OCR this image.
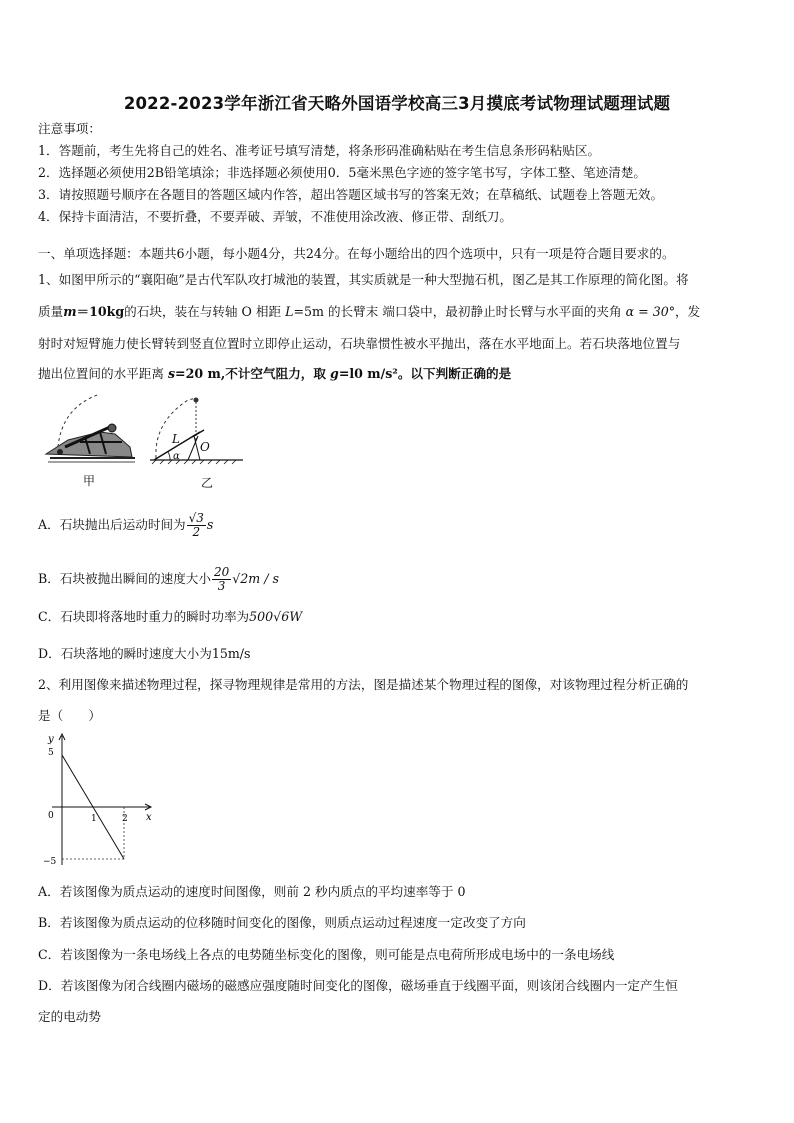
2022-2023学年浙江省天略外国语学校高三3月摸底考试物理试题理试题
注意事项：
1．答题前，考生先将自己的姓名、准考证号填写清楚，将条形码准确粘贴在考生信息条形码粘贴区。
2．选择题必须使用2B铅笔填涂；非选择题必须使用0．5毫米黑色字迹的签字笔书写，字体工整、笔迹清楚。
3．请按照题号顺序在各题目的答题区域内作答，超出答题区域书写的答案无效；在草稿纸、试题卷上答题无效。
4．保持卡面清洁，不要折叠，不要弄破、弄皱，不准使用涂改液、修正带、刮纸刀。
一、单项选择题：本题共6小题，每小题4分，共24分。在每小题给出的四个选项中，只有一项是符合题目要求的。
1、如图甲所示的“襄阳砲”是古代军队攻打城池的装置，其实质就是一种大型抛石机，图乙是其工作原理的简化图。将
质量m＝10kg的石块，装在与转轴 O 相距 L=5m 的长臂末 端口袋中，最初静止时长臂与水平面的夹角 α = 30°，发
射时对短臂施力使长臂转到竖直位置时立即停止运动，石块靠惯性被水平抛出，落在水平地面上。若石块落地位置与
抛出位置间的水平距离 s=20 m,不计空气阻力，取 g=l0 m/s²。以下判断正确的是
甲
L
O
α
乙
A．石块抛出后运动时间为 $\frac{√3}{2}$ s
B．石块被抛出瞬间的速度大小 $\frac{20}{3} √2m$ / s
C．石块即将落地时重力的瞬时功率为500√6W
D．石块落地的瞬时速度大小为15m/s
2、利用图像来描述物理过程，探寻物理规律是常用的方法，图是描述某个物理过程的图像，对该物理过程分析正确的
是（　　）
y
x
5
0
−5
1	2
A．若该图像为质点运动的速度时间图像，则前 2 秒内质点的平均速率等于 0
B．若该图像为质点运动的位移随时间变化的图像，则质点运动过程速度一定改变了方向
C．若该图像为一条电场线上各点的电势随坐标变化的图像，则可能是点电荷所形成电场中的一条电场线
D．若该图像为闭合线圈内磁场的磁感应强度随时间变化的图像，磁场垂直于线圈平面，则该闭合线圈内一定产生恒
定的电动势
